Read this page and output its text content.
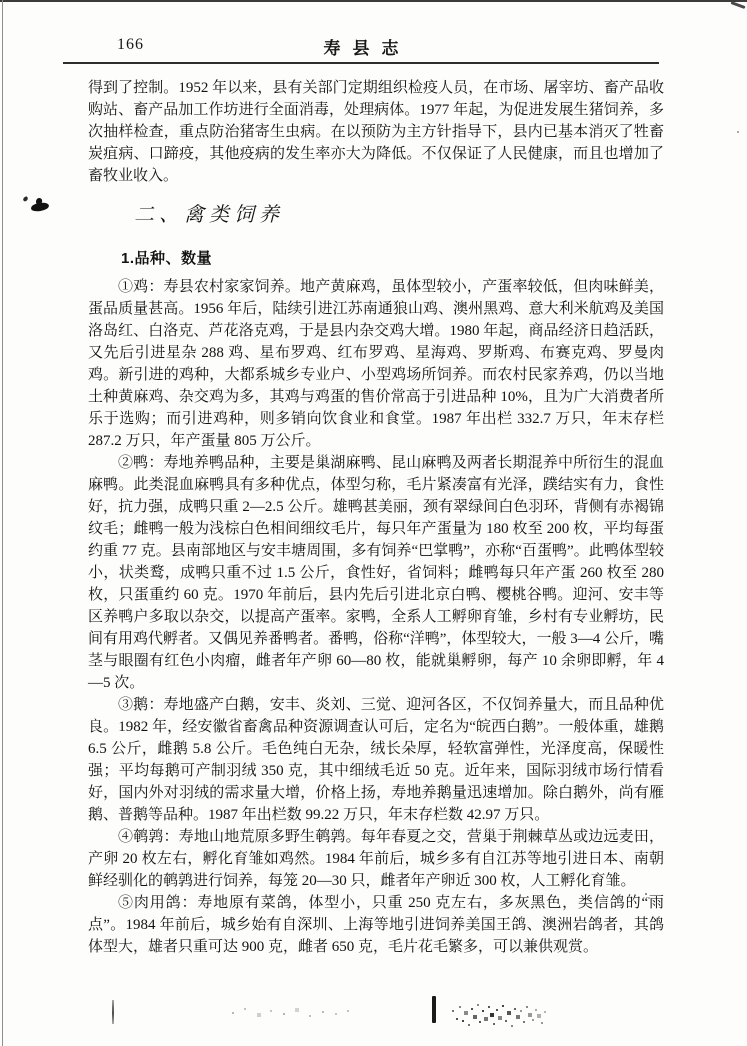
166	寿县志

得到了控制。1952 年以来，县有关部门定期组织检疫人员，在市场、屠宰坊、畜产品收购站、畜产品加工作坊进行全面消毒，处理病体。1977 年起，为促进发展生猪饲养，多次抽样检查，重点防治猪寄生虫病。在以预防为主方针指导下，县内已基本消灭了牲畜炭疽病、口蹄疫，其他疫病的发生率亦大为降低。不仅保证了人民健康，而且也增加了畜牧业收入。

二、禽类饲养
1.品种、数量

①鸡：寿县农村家家饲养。地产黄麻鸡，虽体型较小，产蛋率较低，但肉味鲜美，蛋品质量甚高。1956 年后，陆续引进江苏南通狼山鸡、澳州黑鸡、意大利米航鸡及美国洛岛红、白洛克、芦花洛克鸡，于是县内杂交鸡大增。1980 年起，商品经济日趋活跃，又先后引进星杂 288 鸡、星布罗鸡、红布罗鸡、星海鸡、罗斯鸡、布赛克鸡、罗曼肉鸡。新引进的鸡种，大都系城乡专业户、小型鸡场所饲养。而农村民家养鸡，仍以当地土种黄麻鸡、杂交鸡为多，其鸡与鸡蛋的售价常高于引进品种 10%，且为广大消费者所乐于选购；而引进鸡种，则多销向饮食业和食堂。1987 年出栏 332.7 万只，年末存栏 287.2 万只，年产蛋量 805 万公斤。

②鸭：寿地养鸭品种，主要是巢湖麻鸭、昆山麻鸭及两者长期混养中所衍生的混血麻鸭。此类混血麻鸭具有多种优点，体型匀称，毛片紧凑富有光泽，蹼结实有力，食性好，抗力强，成鸭只重 2—2.5 公斤。雄鸭甚美丽，颈有翠绿间白色羽环，背侧有赤褐锦纹毛；雌鸭一般为浅棕白色相间细纹毛片，每只年产蛋量为 180 枚至 200 枚，平均每蛋约重 77 克。县南部地区与安丰塘周围，多有饲养“巴掌鸭”，亦称“百蛋鸭”。此鸭体型较小，状类鹜，成鸭只重不过 1.5 公斤，食性好，省饲料；雌鸭每只年产蛋 260 枚至 280 枚，只蛋重约 60 克。1970 年前后，县内先后引进北京白鸭、樱桃谷鸭。迎河、安丰等区养鸭户多取以杂交，以提高产蛋率。家鸭，全系人工孵卵育雏，乡村有专业孵坊，民间有用鸡代孵者。又偶见养番鸭者。番鸭，俗称“洋鸭”，体型较大，一般 3—4 公斤，嘴茎与眼圈有红色小肉瘤，雌者年产卵 60—80 枚，能就巢孵卵，每产 10 余卵即孵，年 4—5 次。

③鹅：寿地盛产白鹅，安丰、炎刘、三觉、迎河各区，不仅饲养量大，而且品种优良。1982 年，经安徽省畜禽品种资源调查认可后，定名为“皖西白鹅”。一般体重，雄鹅 6.5 公斤，雌鹅 5.8 公斤。毛色纯白无杂，绒长朵厚，轻软富弹性，光泽度高，保暖性强；平均每鹅可产制羽绒 350 克，其中细绒毛近 50 克。近年来，国际羽绒市场行情看好，国内外对羽绒的需求量大增，价格上扬，寿地养鹅量迅速增加。除白鹅外，尚有雁鹅、普鹅等品种。1987 年出栏数 99.22 万只，年末存栏数 42.97 万只。

④鹌鹑：寿地山地荒原多野生鹌鹑。每年春夏之交，营巢于荆棘草丛或边远麦田，产卵 20 枚左右，孵化育雏如鸡然。1984 年前后，城乡多有自江苏等地引进日本、南朝鲜经驯化的鹌鹑进行饲养，每笼 20—30 只，雌者年产卵近 300 枚，人工孵化育雏。

⑤肉用鸽：寿地原有菜鸽，体型小，只重 250 克左右，多灰黑色，类信鸽的“雨点”。1984 年前后，城乡始有自深圳、上海等地引进饲养美国王鸽、澳洲岩鸽者，其鸽体型大，雄者只重可达 900 克，雌者 650 克，毛片花毛繁多，可以兼供观赏。
